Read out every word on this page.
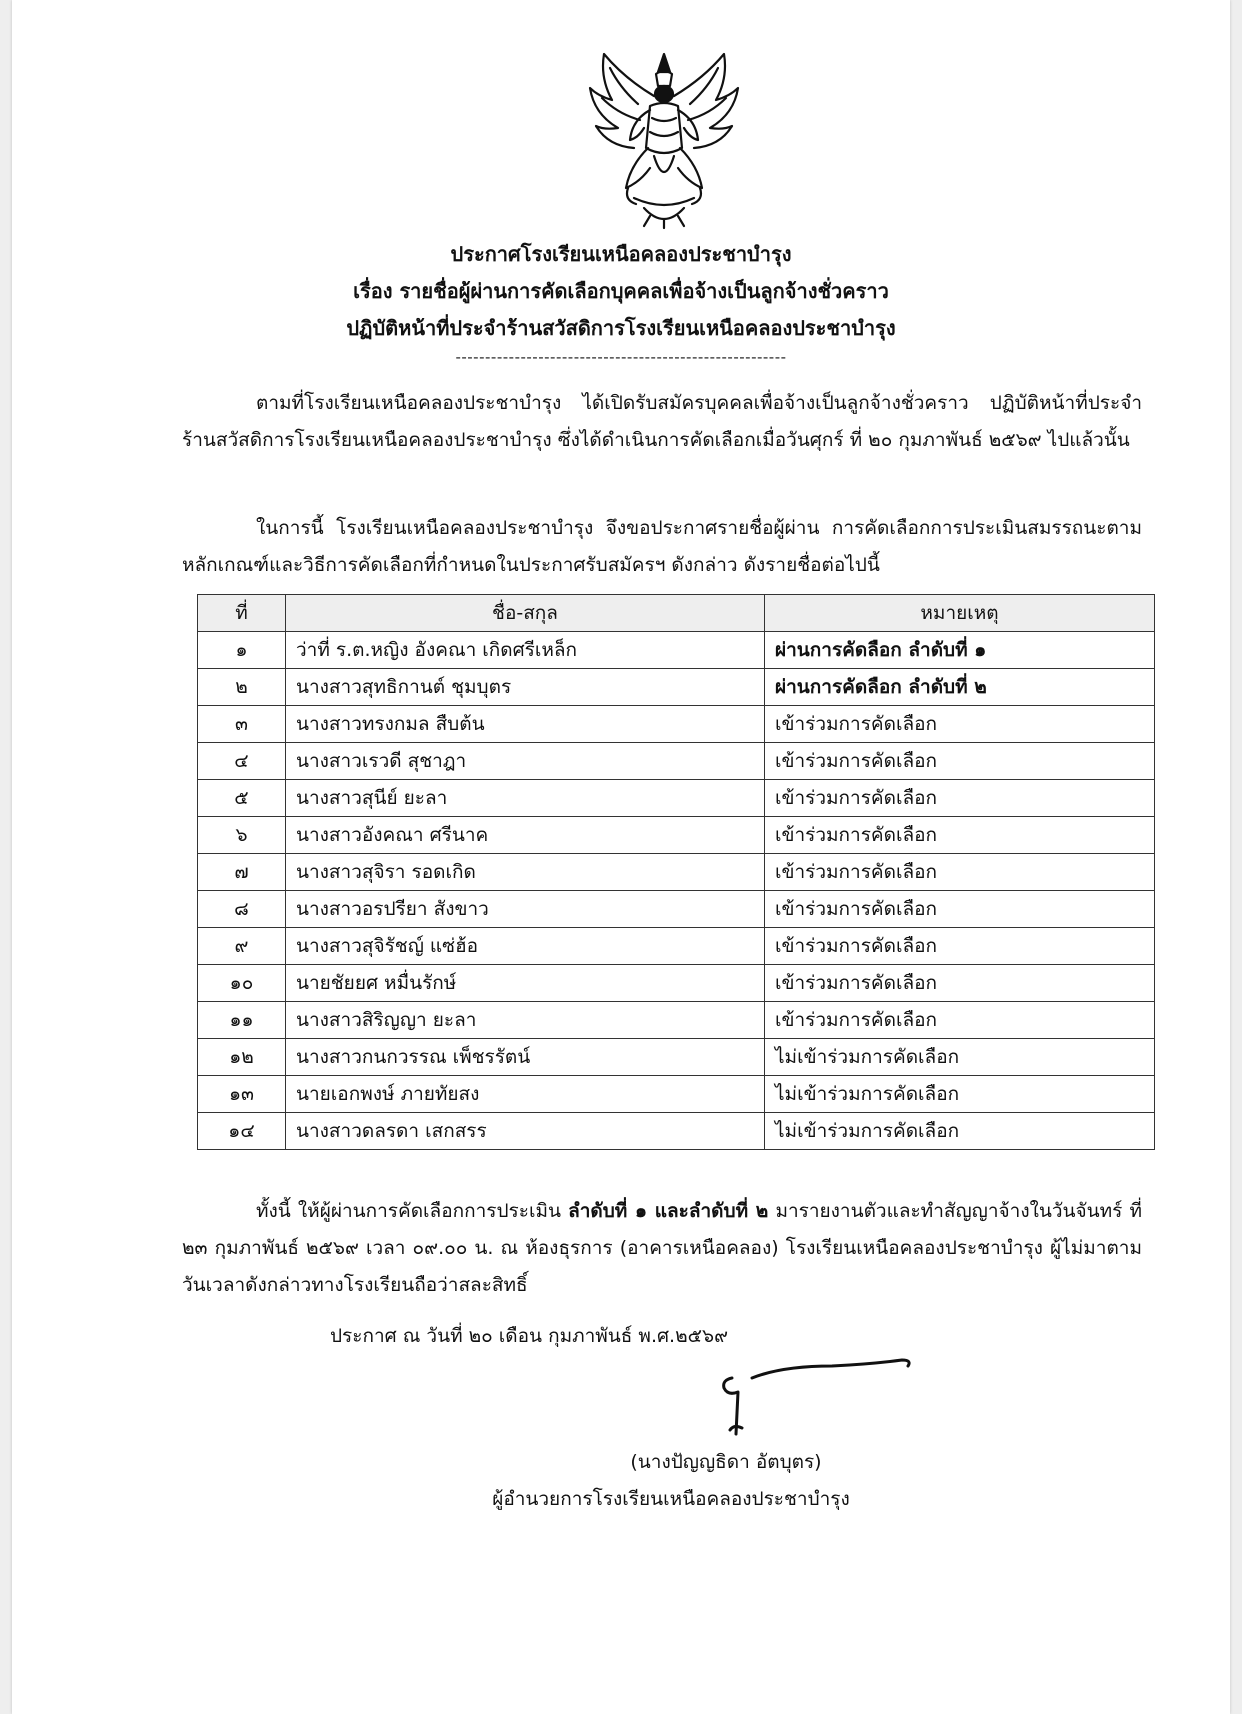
ประกาศโรงเรียนเหนือคลองประชาบำรุง
เรื่อง รายชื่อผู้ผ่านการคัดเลือกบุคคลเพื่อจ้างเป็นลูกจ้างชั่วคราว
ปฏิบัติหน้าที่ประจำร้านสวัสดิการโรงเรียนเหนือคลองประชาบำรุง
--------------------------------------------------------
ตามที่โรงเรียนเหนือคลองประชาบำรุง ได้เปิดรับสมัครบุคคลเพื่อจ้างเป็นลูกจ้างชั่วคราว ปฏิบัติหน้าที่ประจำร้านสวัสดิการโรงเรียนเหนือคลองประชาบำรุง ซึ่งได้ดำเนินการคัดเลือกเมื่อวันศุกร์ ที่ ๒๐ กุมภาพันธ์ ๒๕๖๙ ไปแล้วนั้น
ในการนี้ โรงเรียนเหนือคลองประชาบำรุง จึงขอประกาศรายชื่อผู้ผ่าน การคัดเลือกการประเมินสมรรถนะตามหลักเกณฑ์และวิธีการคัดเลือกที่กำหนดในประกาศรับสมัครฯ ดังกล่าว ดังรายชื่อต่อไปนี้
ที่	ชื่อ-สกุล	หมายเหตุ
๑	ว่าที่ ร.ต.หญิง อังคณา เกิดศรีเหล็ก	ผ่านการคัดลือก ลำดับที่ ๑
๒	นางสาวสุทธิกานต์ ชุมบุตร	ผ่านการคัดลือก ลำดับที่ ๒
๓	นางสาวทรงกมล สืบต้น	เข้าร่วมการคัดเลือก
๔	นางสาวเรวดี สุชาฎา	เข้าร่วมการคัดเลือก
๕	นางสาวสุนีย์ ยะลา	เข้าร่วมการคัดเลือก
๖	นางสาวอังคณา ศรีนาค	เข้าร่วมการคัดเลือก
๗	นางสาวสุจิรา รอดเกิด	เข้าร่วมการคัดเลือก
๘	นางสาวอรปรียา สังขาว	เข้าร่วมการคัดเลือก
๙	นางสาวสุจิรัชญ์ แซ่ฮ้อ	เข้าร่วมการคัดเลือก
๑๐	นายชัยยศ หมื่นรักษ์	เข้าร่วมการคัดเลือก
๑๑	นางสาวสิริญญา ยะลา	เข้าร่วมการคัดเลือก
๑๒	นางสาวกนกวรรณ เพ็ชรรัตน์	ไม่เข้าร่วมการคัดเลือก
๑๓	นายเอกพงษ์ ภายทัยสง	ไม่เข้าร่วมการคัดเลือก
๑๔	นางสาวดลรดา เสกสรร	ไม่เข้าร่วมการคัดเลือก
ทั้งนี้ ให้ผู้ผ่านการคัดเลือกการประเมิน ลำดับที่ ๑ และลำดับที่ ๒ มารายงานตัวและทำสัญญาจ้างในวันจันทร์ ที่ ๒๓ กุมภาพันธ์ ๒๕๖๙ เวลา ๐๙.๐๐ น. ณ ห้องธุรการ (อาคารเหนือคลอง) โรงเรียนเหนือคลองประชาบำรุง ผู้ไม่มาตามวันเวลาดังกล่าวทางโรงเรียนถือว่าสละสิทธิ์
ประกาศ ณ วันที่ ๒๐ เดือน กุมภาพันธ์ พ.ศ.๒๕๖๙
(นางปัญญธิดา อัตบุตร)
ผู้อำนวยการโรงเรียนเหนือคลองประชาบำรุง
